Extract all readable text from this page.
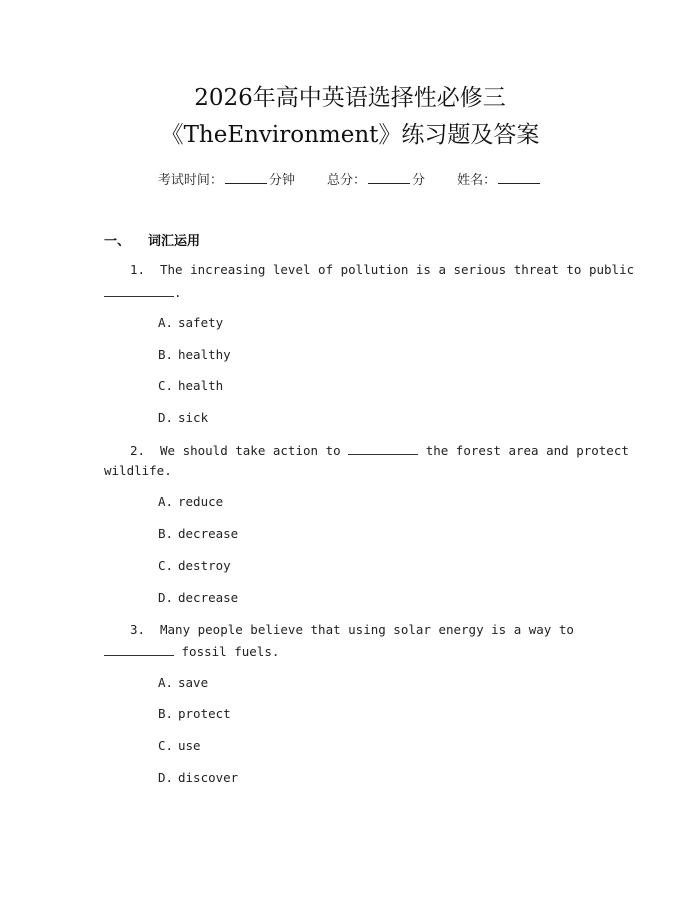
2026年高中英语选择性必修三
《TheEnvironment》练习题及答案
考试时间：	分钟 总分：	分 姓名：
一、 词汇运用
1. The increasing level of pollution is a serious threat to public
.
A. safety
B. healthy
C. health
D. sick
2. We should take action to	the forest area and protect
wildlife.
A. reduce
B. decrease
C. destroy
D. decrease
3. Many people believe that using solar energy is a way to
fossil fuels.
A. save
B. protect
C. use
D. discover
